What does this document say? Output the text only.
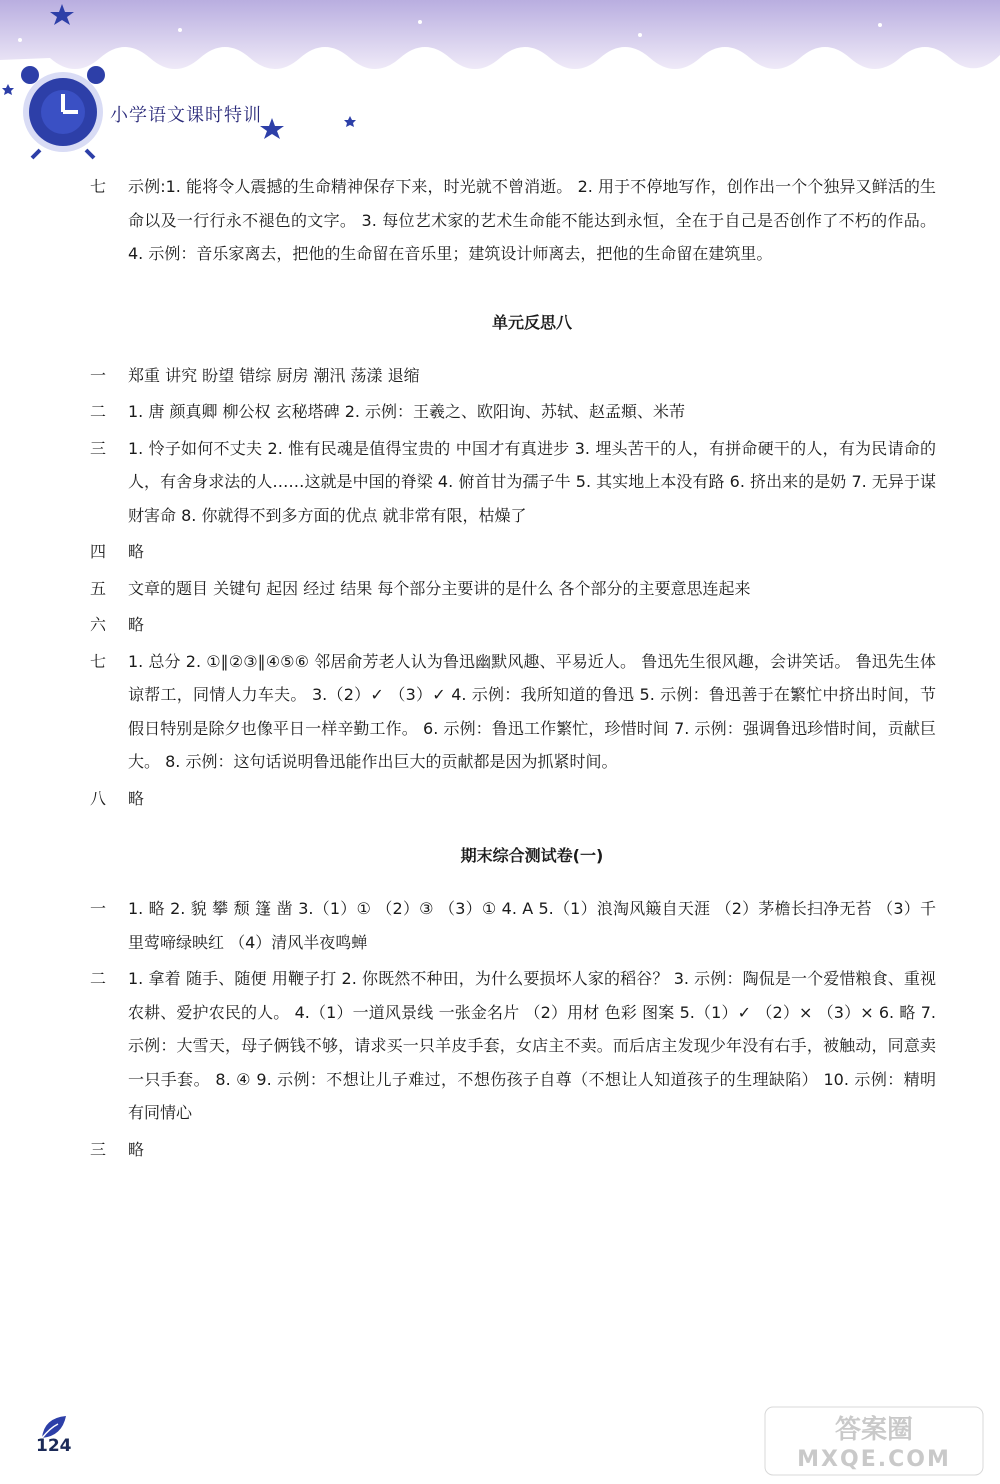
小学语文课时特训
七	示例:1. 能将令人震撼的生命精神保存下来，时光就不曾消逝。 2. 用于不停地写作，创作出一个个独异又鲜活的生命以及一行行永不褪色的文字。 3. 每位艺术家的艺术生命能不能达到永恒，全在于自己是否创作了不朽的作品。 4. 示例：音乐家离去，把他的生命留在音乐里；建筑设计师离去，把他的生命留在建筑里。
单元反思八
一	郑重 讲究 盼望 错综 厨房 潮汛 荡漾 退缩
二	1. 唐 颜真卿 柳公权 玄秘塔碑 2. 示例：王羲之、欧阳询、苏轼、赵孟頫、米芾
三	1. 怜子如何不丈夫 2. 惟有民魂是值得宝贵的 中国才有真进步 3. 埋头苦干的人，有拼命硬干的人，有为民请命的人，有舍身求法的人……这就是中国的脊梁 4. 俯首甘为孺子牛 5. 其实地上本没有路 6. 挤出来的是奶 7. 无异于谋财害命 8. 你就得不到多方面的优点 就非常有限，枯燥了
四	略
五	文章的题目 关键句 起因 经过 结果 每个部分主要讲的是什么 各个部分的主要意思连起来
六	略
七	1. 总分 2. ①∥②③∥④⑤⑥ 邻居俞芳老人认为鲁迅幽默风趣、平易近人。 鲁迅先生很风趣，会讲笑话。 鲁迅先生体谅帮工，同情人力车夫。 3.（2）✓ （3）✓ 4. 示例：我所知道的鲁迅 5. 示例：鲁迅善于在繁忙中挤出时间，节假日特别是除夕也像平日一样辛勤工作。 6. 示例：鲁迅工作繁忙，珍惜时间 7. 示例：强调鲁迅珍惜时间，贡献巨大。 8. 示例：这句话说明鲁迅能作出巨大的贡献都是因为抓紧时间。
八	略
期末综合测试卷(一)
一	1. 略 2. 貌 攀 颓 篷 凿 3.（1）① （2）③ （3）① 4. A 5.（1）浪淘风簸自天涯 （2）茅檐长扫净无苔 （3）千里莺啼绿映红 （4）清风半夜鸣蝉
二	1. 拿着 随手、随便 用鞭子打 2. 你既然不种田，为什么要损坏人家的稻谷？ 3. 示例：陶侃是一个爱惜粮食、重视农耕、爱护农民的人。 4.（1）一道风景线 一张金名片 （2）用材 色彩 图案 5.（1）✓ （2）× （3）× 6. 略 7. 示例：大雪天，母子俩钱不够，请求买一只羊皮手套，女店主不卖。而后店主发现少年没有右手，被触动，同意卖一只手套。 8. ④ 9. 示例：不想让儿子难过，不想伤孩子自尊（不想让人知道孩子的生理缺陷） 10. 示例：精明 有同情心
三	略
124
答案圈
MXQE.COM
